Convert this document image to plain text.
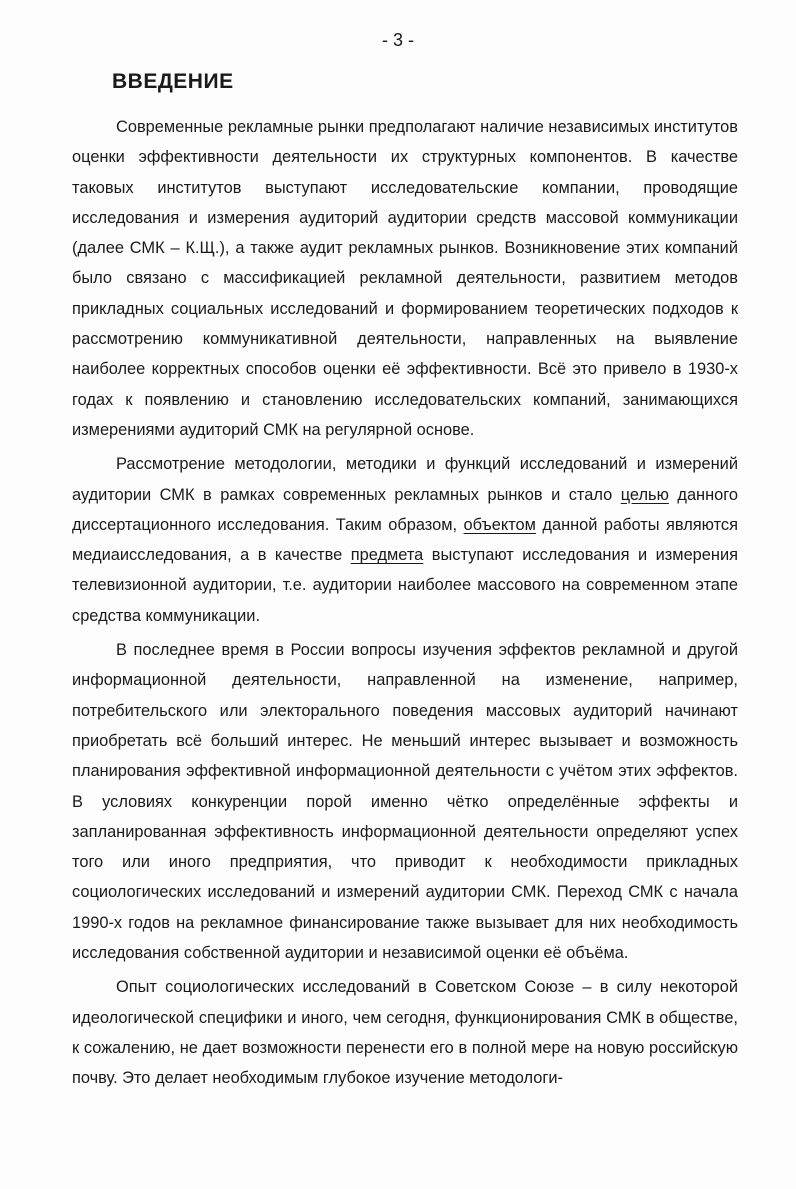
- 3 -
ВВЕДЕНИЕ

Современные рекламные рынки предполагают наличие независимых институтов оценки эффективности деятельности их структурных компонентов. В качестве таковых институтов выступают исследовательские компании, проводящие исследования и измерения аудиторий аудитории средств массовой коммуникации (далее СМК – К.Щ.), а также аудит рекламных рынков. Возникновение этих компаний было связано с массификацией рекламной деятельности, развитием методов прикладных социальных исследований и формированием теоретических подходов к рассмотрению коммуникативной деятельности, направленных на выявление наиболее корректных способов оценки её эффективности. Всё это привело в 1930-х годах к появлению и становлению исследовательских компаний, занимающихся измерениями аудиторий СМК на регулярной основе.

Рассмотрение методологии, методики и функций исследований и измерений аудитории СМК в рамках современных рекламных рынков и стало целью данного диссертационного исследования. Таким образом, объектом данной работы являются медиаисследования, а в качестве предмета выступают исследования и измерения телевизионной аудитории, т.е. аудитории наиболее массового на современном этапе средства коммуникации.

В последнее время в России вопросы изучения эффектов рекламной и другой информационной деятельности, направленной на изменение, например, потребительского или электорального поведения массовых аудиторий начинают приобретать всё больший интерес. Не меньший интерес вызывает и возможность планирования эффективной информационной деятельности с учётом этих эффектов. В условиях конкуренции порой именно чётко определённые эффекты и запланированная эффективность информационной деятельности определяют успех того или иного предприятия, что приводит к необходимости прикладных социологических исследований и измерений аудитории СМК. Переход СМК с начала 1990-х годов на рекламное финансирование также вызывает для них необходимость исследования собственной аудитории и независимой оценки её объёма.

Опыт социологических исследований в Советском Союзе – в силу некоторой идеологической специфики и иного, чем сегодня, функционирования СМК в обществе, к сожалению, не дает возможности перенести его в полной мере на новую российскую почву. Это делает необходимым глубокое изучение методологи-
